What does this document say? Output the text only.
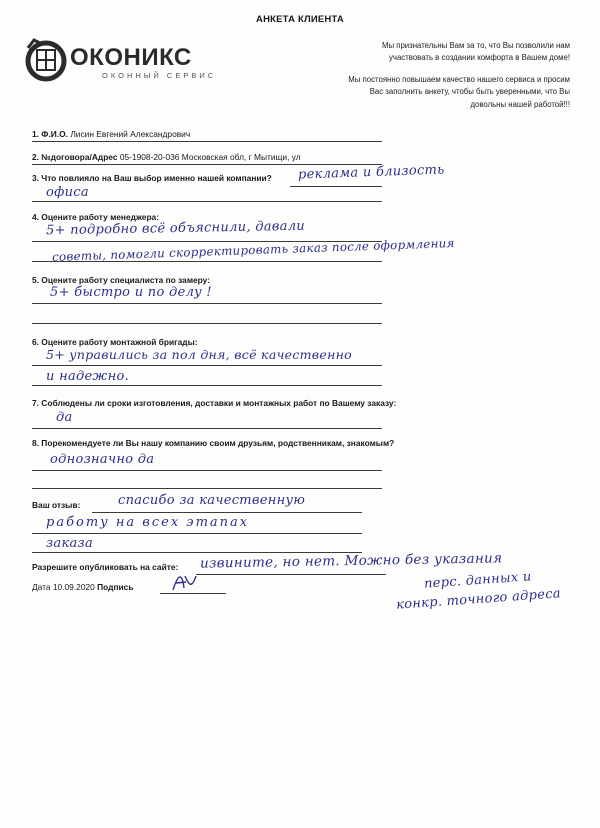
АНКЕТА КЛИЕНТА
ОКОНИКС
ОКОННЫЙ СЕРВИС
Мы признательны Вам за то, что Вы позволили нам
участвовать в создании комфорта в Вашем доме!
Мы постоянно повышаем качество нашего сервиса и просим
Вас заполнить анкету, чтобы быть уверенными, что Вы
довольны нашей работой!!!
1. Ф.И.О. Лисин Евгений Александрович
2. №договора/Адрес 05-1908-20-036 Московская обл, г Мытищи, ул
3. Что повлияло на Ваш выбор именно нашей компании? реклама и близость
офиса
4. Оцените работу менеджера:
5+ подробно всё объяснили, давали
советы, помогли скорректировать заказ после оформления
5. Оцените работу специалиста по замеру:
5+ быстро и по делу !
6. Оцените работу монтажной бригады:
5+ управились за пол дня, всё качественно
и надежно.
7. Соблюдены ли сроки изготовления, доставки и монтажных работ по Вашему заказу:
да
8. Порекомендуете ли Вы нашу компанию своим друзьям, родственникам, знакомым?
однозначно да
Ваш отзыв:	спасибо за качественную
работу на всех этапах
заказа
Разрешите опубликовать на сайте: извините, но нет. Можно без указания
перс. данных и
конкр. точного адреса
Дата 10.09.2020 Подпись
